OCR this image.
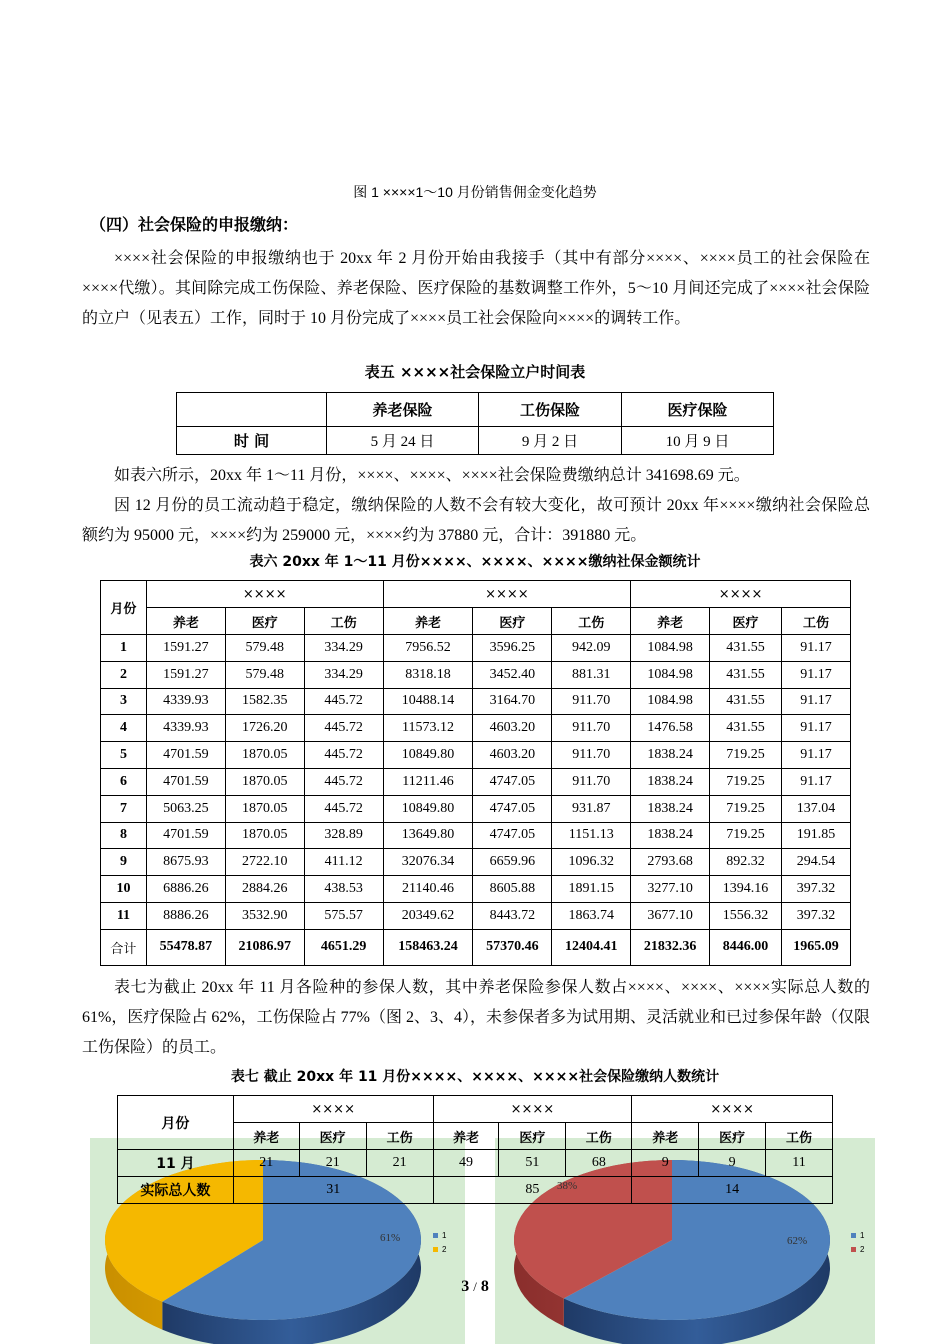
图 1 ××××1～10 月份销售佣金变化趋势
（四）社会保险的申报缴纳：
××××社会保险的申报缴纳也于 20xx 年 2 月份开始由我接手（其中有部分××××、××××员工的社会保险在××××代缴）。其间除完成工伤保险、养老保险、医疗保险的基数调整工作外，5～10 月间还完成了××××社会保险的立户（见表五）工作，同时于 10 月份完成了××××员工社会保险向××××的调转工作。
表五 ××××社会保险立户时间表
	养老保险	工伤保险	医疗保险
时 间	5 月 24 日	9 月 2 日	10 月 9 日
如表六所示，20xx 年 1～11 月份，××××、××××、××××社会保险费缴纳总计 341698.69 元。
因 12 月份的员工流动趋于稳定，缴纳保险的人数不会有较大变化，故可预计 20xx 年××××缴纳社会保险总额约为 95000 元，××××约为 259000 元，××××约为 37880 元，合计：391880 元。
表六 20xx 年 1～11 月份××××、××××、××××缴纳社保金额统计
月份	××××			××××			××××		
	养老	医疗	工伤	养老	医疗	工伤	养老	医疗	工伤
1	1591.27	579.48	334.29	7956.52	3596.25	942.09	1084.98	431.55	91.17
2	1591.27	579.48	334.29	8318.18	3452.40	881.31	1084.98	431.55	91.17
3	4339.93	1582.35	445.72	10488.14	3164.70	911.70	1084.98	431.55	91.17
4	4339.93	1726.20	445.72	11573.12	4603.20	911.70	1476.58	431.55	91.17
5	4701.59	1870.05	445.72	10849.80	4603.20	911.70	1838.24	719.25	91.17
6	4701.59	1870.05	445.72	11211.46	4747.05	911.70	1838.24	719.25	91.17
7	5063.25	1870.05	445.72	10849.80	4747.05	931.87	1838.24	719.25	137.04
8	4701.59	1870.05	328.89	13649.80	4747.05	1151.13	1838.24	719.25	191.85
9	8675.93	2722.10	411.12	32076.34	6659.96	1096.32	2793.68	892.32	294.54
10	6886.26	2884.26	438.53	21140.46	8605.88	1891.15	3277.10	1394.16	397.32
11	8886.26	3532.90	575.57	20349.62	8443.72	1863.74	3677.10	1556.32	397.32
合计	55478.87	21086.97	4651.29	158463.24	57370.46	12404.41	21832.36	8446.00	1965.09
表七为截止 20xx 年 11 月各险种的参保人数，其中养老保险参保人数占××××、××××、××××实际总人数的 61%，医疗保险占 62%，工伤保险占 77%（图 2、3、4），未参保者多为试用期、灵活就业和已过参保年龄（仅限工伤保险）的员工。
表七 截止 20xx 年 11 月份××××、××××、××××社会保险缴纳人数统计
61%	1
2
62%
38%
1
2
月份	××××			××××			××××		
	养老	医疗	工伤	养老	医疗	工伤	养老	医疗	工伤
11 月	21	21	21	49	51	68	9	9	11
实际总人数	31			85			14		
3 / 8
